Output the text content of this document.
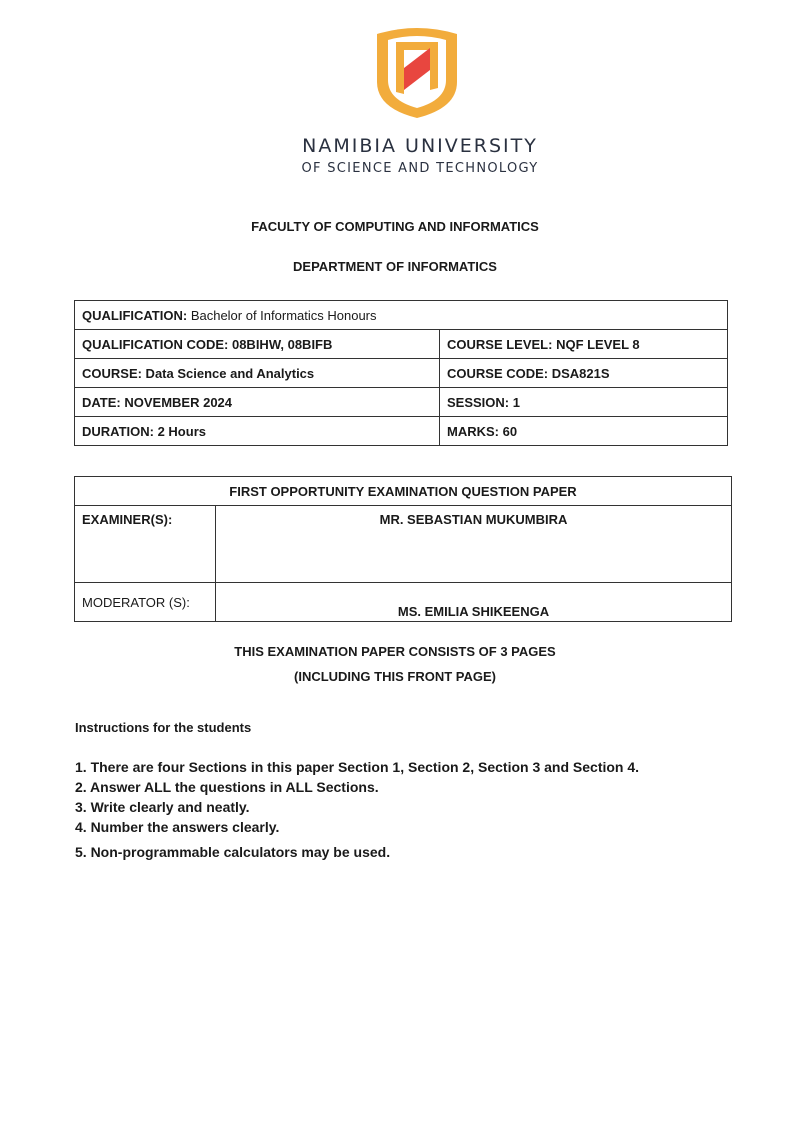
NAMIBIA UNIVERSITY
OF SCIENCE AND TECHNOLOGY
FACULTY OF COMPUTING AND INFORMATICS
DEPARTMENT OF INFORMATICS
QUALIFICATION: Bachelor of Informatics Honours	
QUALIFICATION CODE: 08BIHW, 08BIFB	COURSE LEVEL: NQF LEVEL 8
COURSE: Data Science and Analytics	COURSE CODE: DSA821S
DATE: NOVEMBER 2024	SESSION: 1
DURATION: 2 Hours	MARKS: 60
FIRST OPPORTUNITY EXAMINATION QUESTION PAPER	
EXAMINER(S):	MR. SEBASTIAN MUKUMBIRA
MODERATOR (S):	MS. EMILIA SHIKEENGA
THIS EXAMINATION PAPER CONSISTS OF 3 PAGES
(INCLUDING THIS FRONT PAGE)
Instructions for the students
1. There are four Sections in this paper Section 1, Section 2, Section 3 and Section 4.
2. Answer ALL the questions in ALL Sections.
3. Write clearly and neatly.
4. Number the answers clearly.
5. Non-programmable calculators may be used.
